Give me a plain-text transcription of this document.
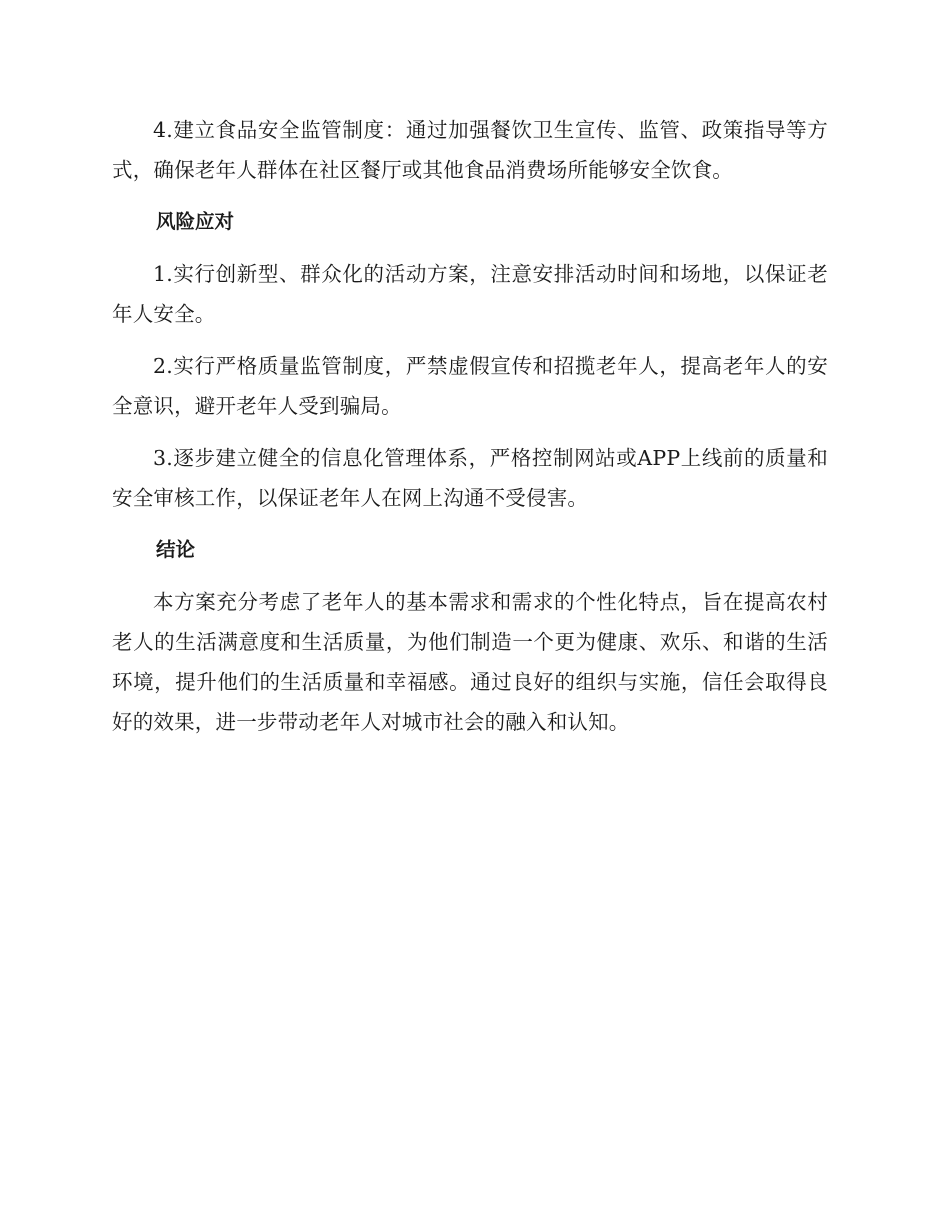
4.建立食品安全监管制度：通过加强餐饮卫生宣传、监管、政策指导等方式，确保老年人群体在社区餐厅或其他食品消费场所能够安全饮食。

风险应对

1.实行创新型、群众化的活动方案，注意安排活动时间和场地，以保证老年人安全。

2.实行严格质量监管制度，严禁虚假宣传和招揽老年人，提高老年人的安全意识，避开老年人受到骗局。

3.逐步建立健全的信息化管理体系，严格控制网站或APP上线前的质量和安全审核工作，以保证老年人在网上沟通不受侵害。

结论

本方案充分考虑了老年人的基本需求和需求的个性化特点，旨在提高农村老人的生活满意度和生活质量，为他们制造一个更为健康、欢乐、和谐的生活环境，提升他们的生活质量和幸福感。通过良好的组织与实施，信任会取得良好的效果，进一步带动老年人对城市社会的融入和认知。
